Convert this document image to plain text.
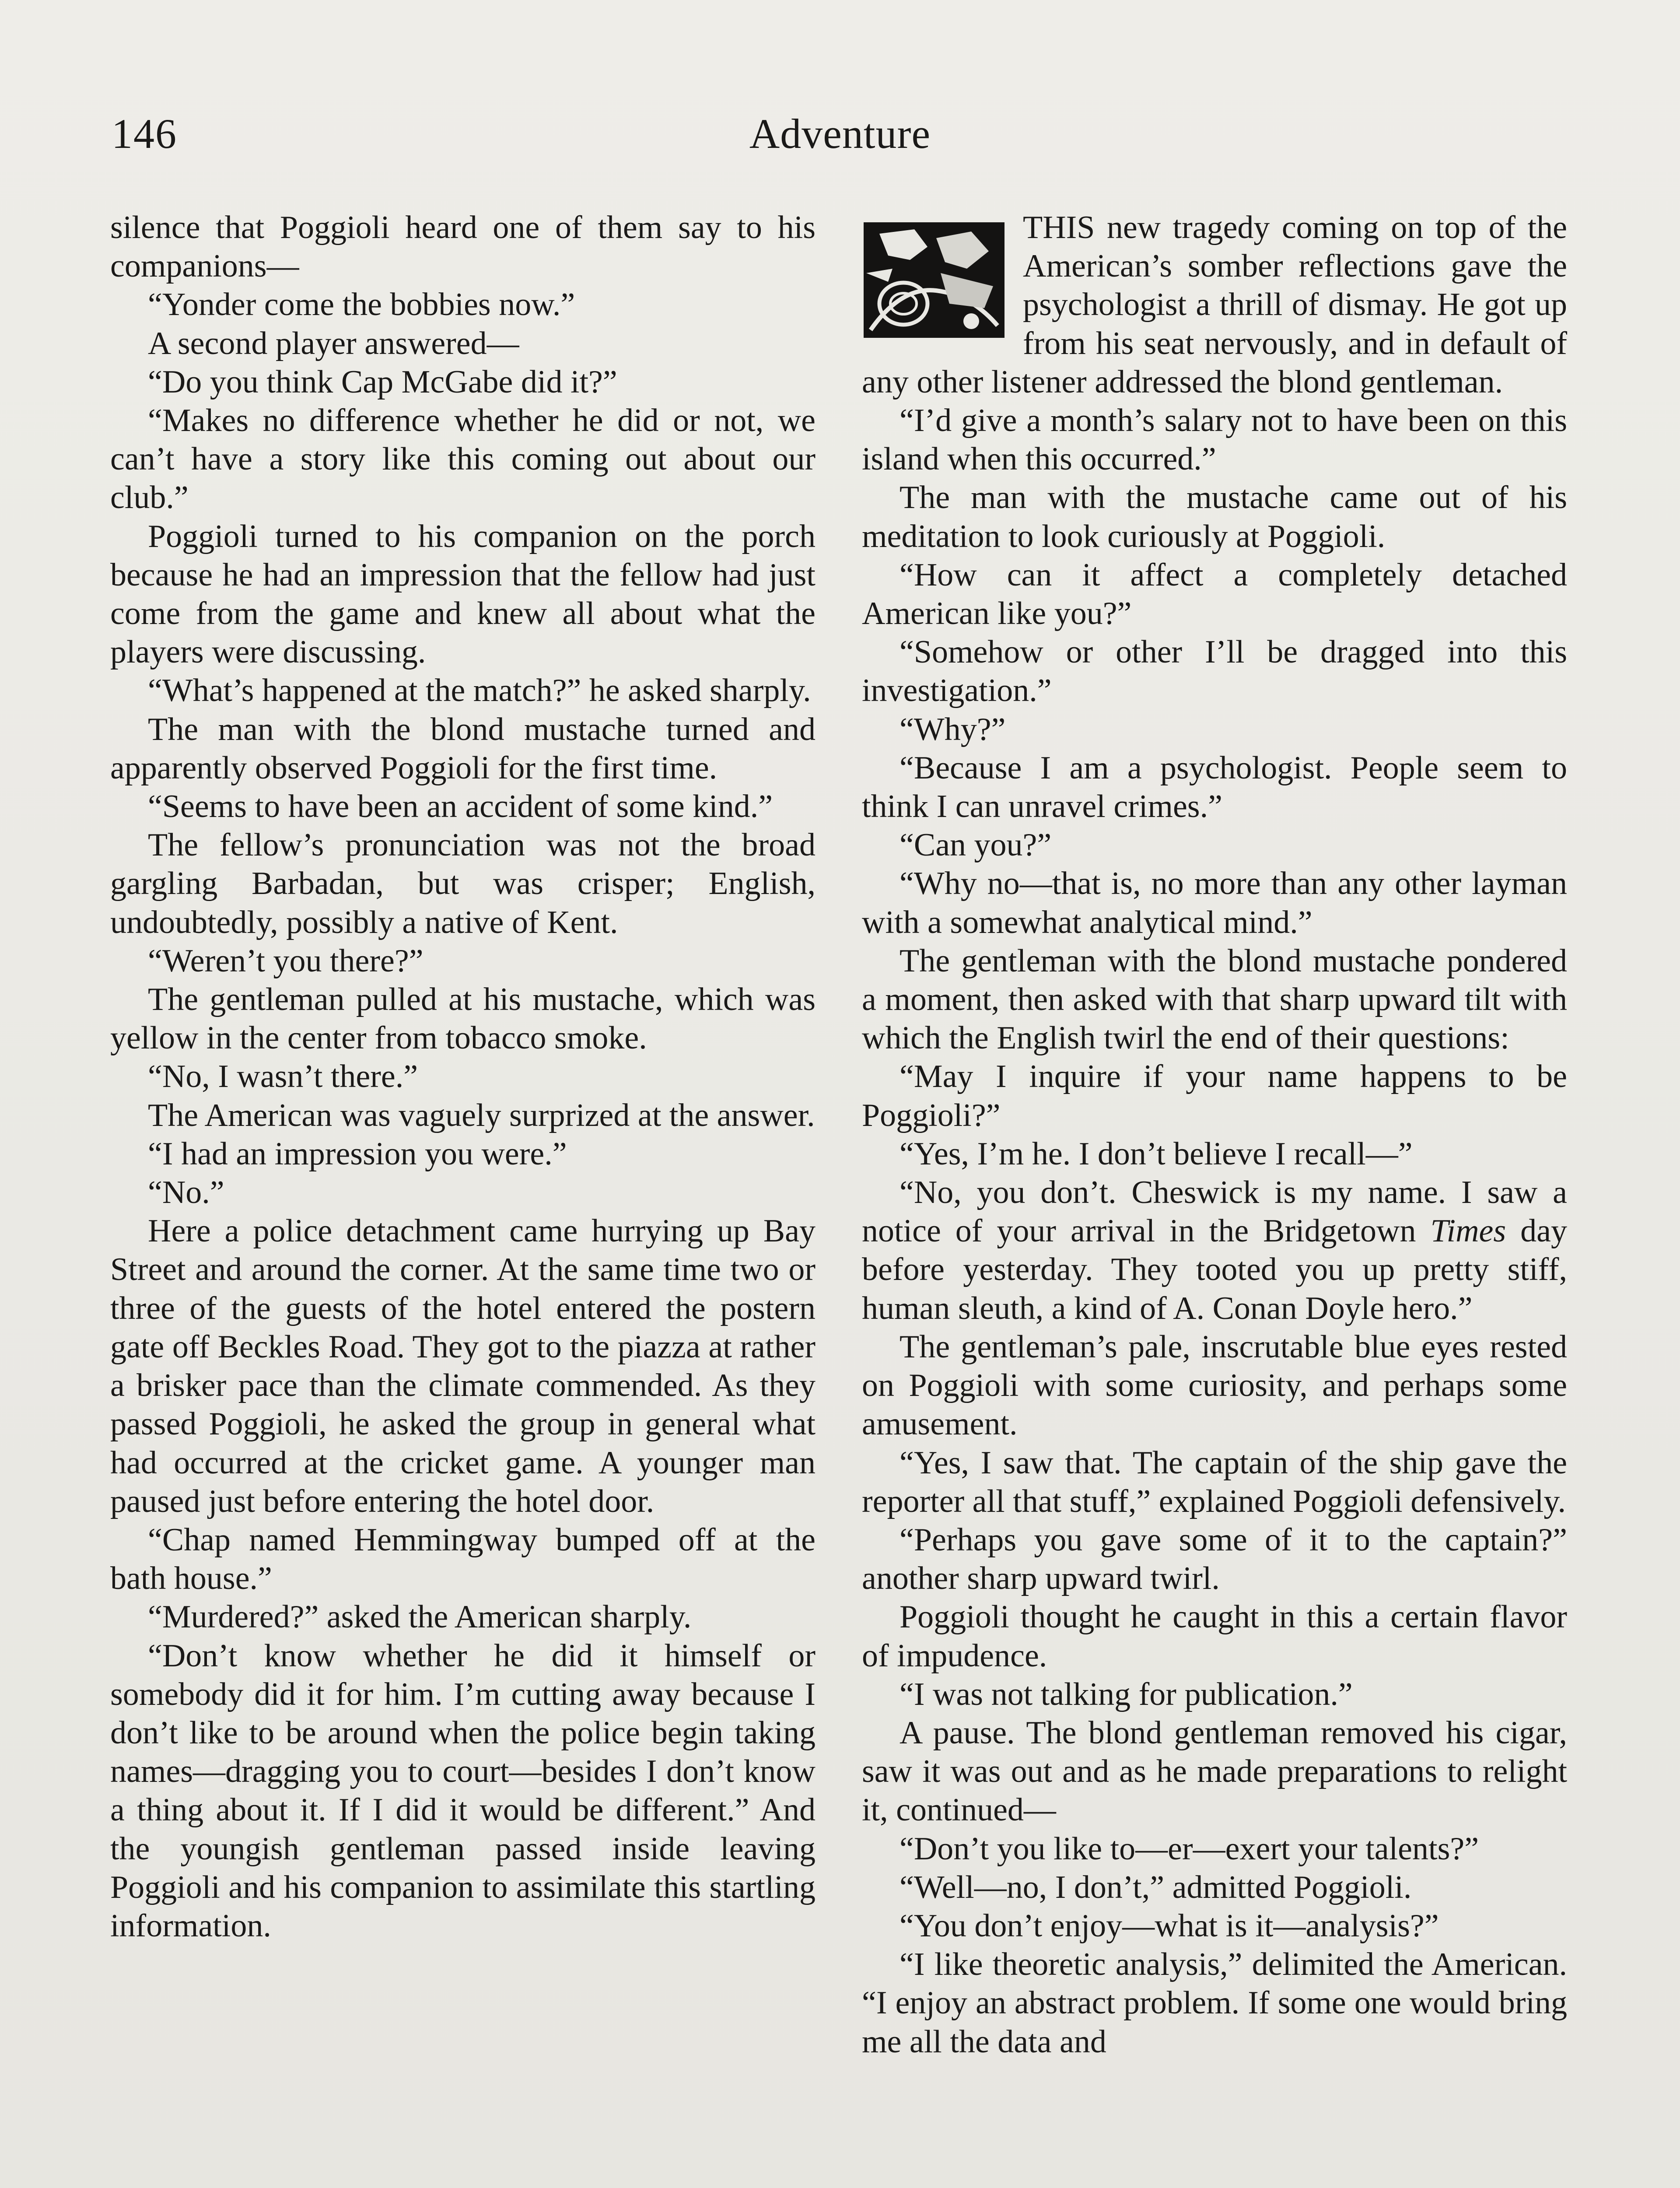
146	Adventure

silence that Poggioli heard one of them say to his companions—

“Yonder come the bobbies now.”

A second player answered—

“Do you think Cap McGabe did it?”

“Makes no difference whether he did or not, we can’t have a story like this coming out about our club.”

Poggioli turned to his companion on the porch because he had an impression that the fellow had just come from the game and knew all about what the players were discussing.

“What’s happened at the match?” he asked sharply.

The man with the blond mustache turned and apparently observed Poggioli for the first time.

“Seems to have been an accident of some kind.”

The fellow’s pronunciation was not the broad gargling Barbadan, but was crisper; English, undoubtedly, possibly a native of Kent.

“Weren’t you there?”

The gentleman pulled at his mustache, which was yellow in the center from tobacco smoke.

“No, I wasn’t there.”

The American was vaguely surprized at the answer.

“I had an impression you were.”

“No.”

Here a police detachment came hurrying up Bay Street and around the corner. At the same time two or three of the guests of the hotel entered the postern gate off Beckles Road. They got to the piazza at rather a brisker pace than the climate commended. As they passed Poggioli, he asked the group in general what had occurred at the cricket game. A younger man paused just before entering the hotel door.

“Chap named Hemmingway bumped off at the bath house.”

“Murdered?” asked the American sharply.

“Don’t know whether he did it himself or somebody did it for him. I’m cutting away because I don’t like to be around when the police begin taking names—dragging you to court—besides I don’t know a thing about it. If I did it would be different.” And the youngish gentleman passed inside leaving Poggioli and his companion to assimilate this startling information.

THIS new tragedy coming on top of the American’s somber reflections gave the psychologist a thrill of dismay. He got up from his seat nervously, and in default of any other listener addressed the blond gentleman.

“I’d give a month’s salary not to have been on this island when this occurred.”

The man with the mustache came out of his meditation to look curiously at Poggioli.

“How can it affect a completely detached American like you?”

“Somehow or other I’ll be dragged into this investigation.”

“Why?”

“Because I am a psychologist. People seem to think I can unravel crimes.”

“Can you?”

“Why no—that is, no more than any other layman with a somewhat analytical mind.”

The gentleman with the blond mustache pondered a moment, then asked with that sharp upward tilt with which the English twirl the end of their questions:

“May I inquire if your name happens to be Poggioli?”

“Yes, I’m he. I don’t believe I recall—”

“No, you don’t. Cheswick is my name. I saw a notice of your arrival in the Bridgetown Times day before yesterday. They tooted you up pretty stiff, human sleuth, a kind of A. Conan Doyle hero.”

The gentleman’s pale, inscrutable blue eyes rested on Poggioli with some curiosity, and perhaps some amusement.

“Yes, I saw that. The captain of the ship gave the reporter all that stuff,” explained Poggioli defensively.

“Perhaps you gave some of it to the captain?” another sharp upward twirl.

Poggioli thought he caught in this a certain flavor of impudence.

“I was not talking for publication.”

A pause. The blond gentleman removed his cigar, saw it was out and as he made preparations to relight it, continued—

“Don’t you like to—er—exert your talents?”

“Well—no, I don’t,” admitted Poggioli.

“You don’t enjoy—what is it—analysis?”

“I like theoretic analysis,” delimited the American. “I enjoy an abstract problem. If some one would bring me all the data and
